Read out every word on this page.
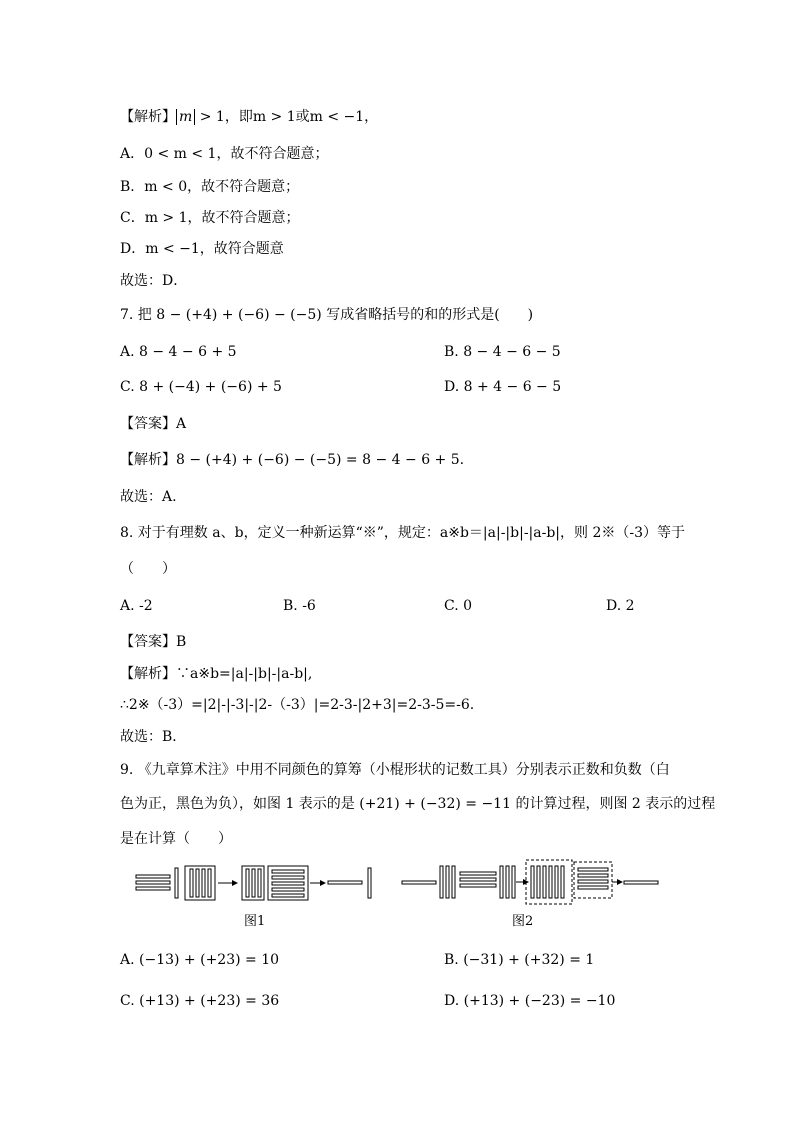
【解析】 m > 1，即m > 1或m < −1，
A．0 < m < 1，故不符合题意；
B．m < 0，故不符合题意；
C．m > 1，故不符合题意；
D．m < −1，故符合题意
故选：D．
7. 把 8 − (+4) + (−6) − (−5) 写成省略括号的和的形式是(　　)
A. 8 − 4 − 6 + 5	B. 8 − 4 − 6 − 5
C. 8 + (−4) + (−6) + 5	D. 8 + 4 − 6 − 5
【答案】A
【解析】8 − (+4) + (−6) − (−5) = 8 − 4 − 6 + 5.
故选：A.
8. 对于有理数 a、b，定义一种新运算“※”，规定：a※b＝|a|-|b|-|a-b|，则 2※（-3）等于
（　　）
A. -2	B. -6	C. 0	D. 2
【答案】B
【解析】∵a※b=|a|-|b|-|a-b|,
∴2※（-3）=|2|-|-3|-|2-（-3）|=2-3-|2+3|=2-3-5=-6.
故选：B．
9. 《九章算术注》中用不同颜色的算筹（小棍形状的记数工具）分别表示正数和负数（白
色为正，黑色为负），如图 1 表示的是 (+21) + (−32) = −11 的计算过程，则图 2 表示的过程
是在计算（　　）
图1	图2
A. (−13) + (+23) = 10	B. (−31) + (+32) = 1
C. (+13) + (+23) = 36	D. (+13) + (−23) = −10
